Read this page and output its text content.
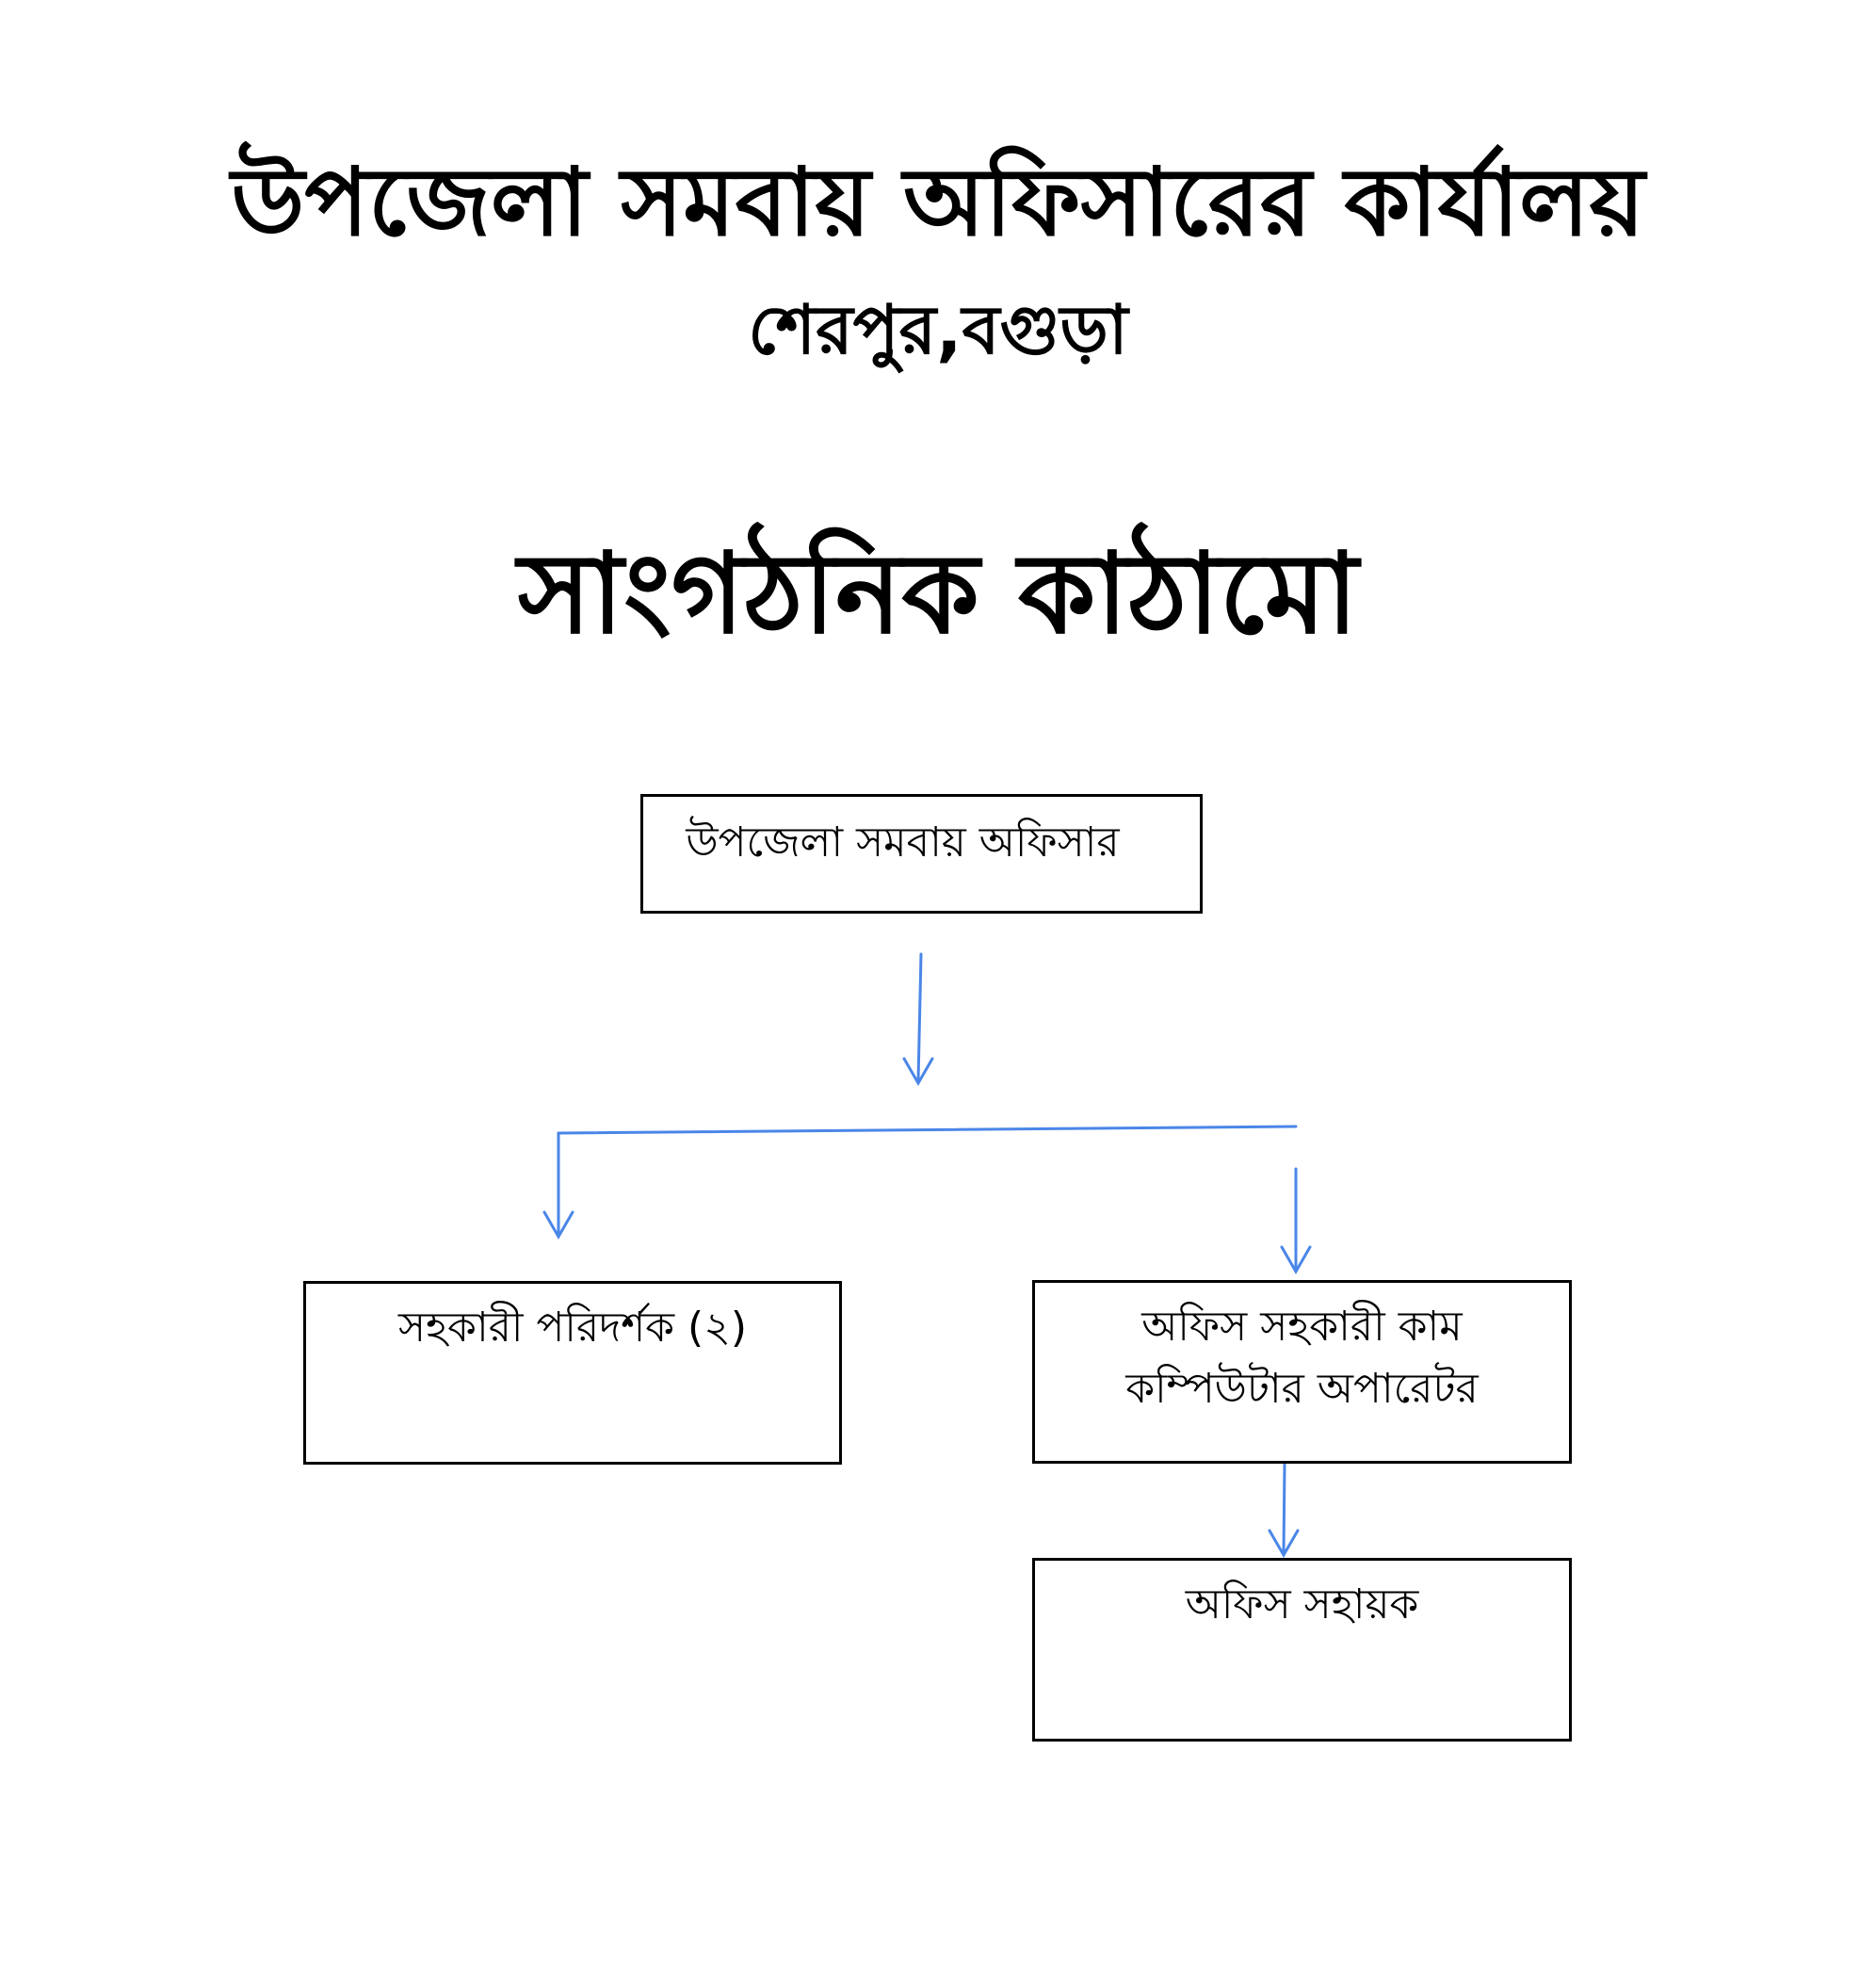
উপজেলা সমবায় অফিসারের কার্যালয়
শেরপুর,বগুড়া
সাংগঠনিক কাঠামো
উপজেলা সমবায় অফিসার
সহকারী পরিদর্শক (২)	অফিস সহকারী কাম
কম্পিউটার অপারেটর
অফিস সহায়ক
